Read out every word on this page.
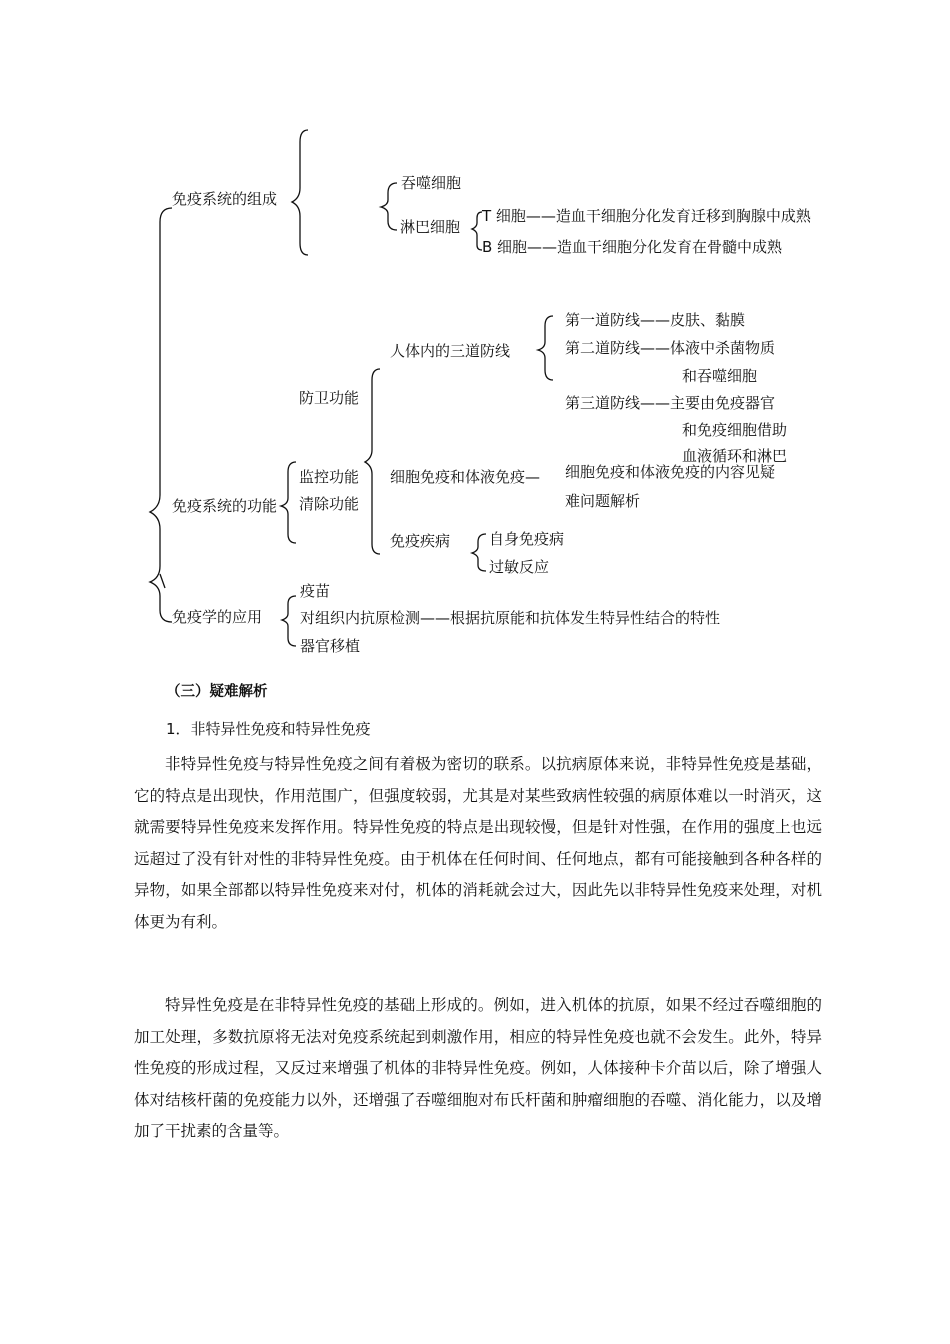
免疫系统的组成
吞噬细胞
淋巴细胞
T 细胞——造血干细胞分化发育迁移到胸腺中成熟
B 细胞——造血干细胞分化发育在骨髓中成熟
免疫系统的功能
防卫功能
监控功能
清除功能
人体内的三道防线
第一道防线——皮肤、黏膜
第二道防线——体液中杀菌物质
和吞噬细胞
第三道防线——主要由免疫器官
和免疫细胞借助
血液循环和淋巴
细胞免疫和体液免疫— 细胞免疫和体液免疫的内容见疑
难问题解析
免疫疾病	自身免疫病
过敏反应
免疫学的应用
疫苗
对组织内抗原检测——根据抗原能和抗体发生特异性结合的特性
器官移植
（三）疑难解析
1．非特异性免疫和特异性免疫

非特异性免疫与特异性免疫之间有着极为密切的联系。以抗病原体来说，非特异性免疫是基础，它的特点是出现快，作用范围广，但强度较弱，尤其是对某些致病性较强的病原体难以一时消灭，这就需要特异性免疫来发挥作用。特异性免疫的特点是出现较慢，但是针对性强，在作用的强度上也远远超过了没有针对性的非特异性免疫。由于机体在任何时间、任何地点，都有可能接触到各种各样的异物，如果全部都以特异性免疫来对付，机体的消耗就会过大，因此先以非特异性免疫来处理，对机体更为有利。

特异性免疫是在非特异性免疫的基础上形成的。例如，进入机体的抗原，如果不经过吞噬细胞的加工处理，多数抗原将无法对免疫系统起到刺激作用，相应的特异性免疫也就不会发生。此外，特异性免疫的形成过程，又反过来增强了机体的非特异性免疫。例如，人体接种卡介苗以后，除了增强人体对结核杆菌的免疫能力以外，还增强了吞噬细胞对布氏杆菌和肿瘤细胞的吞噬、消化能力，以及增加了干扰素的含量等。
